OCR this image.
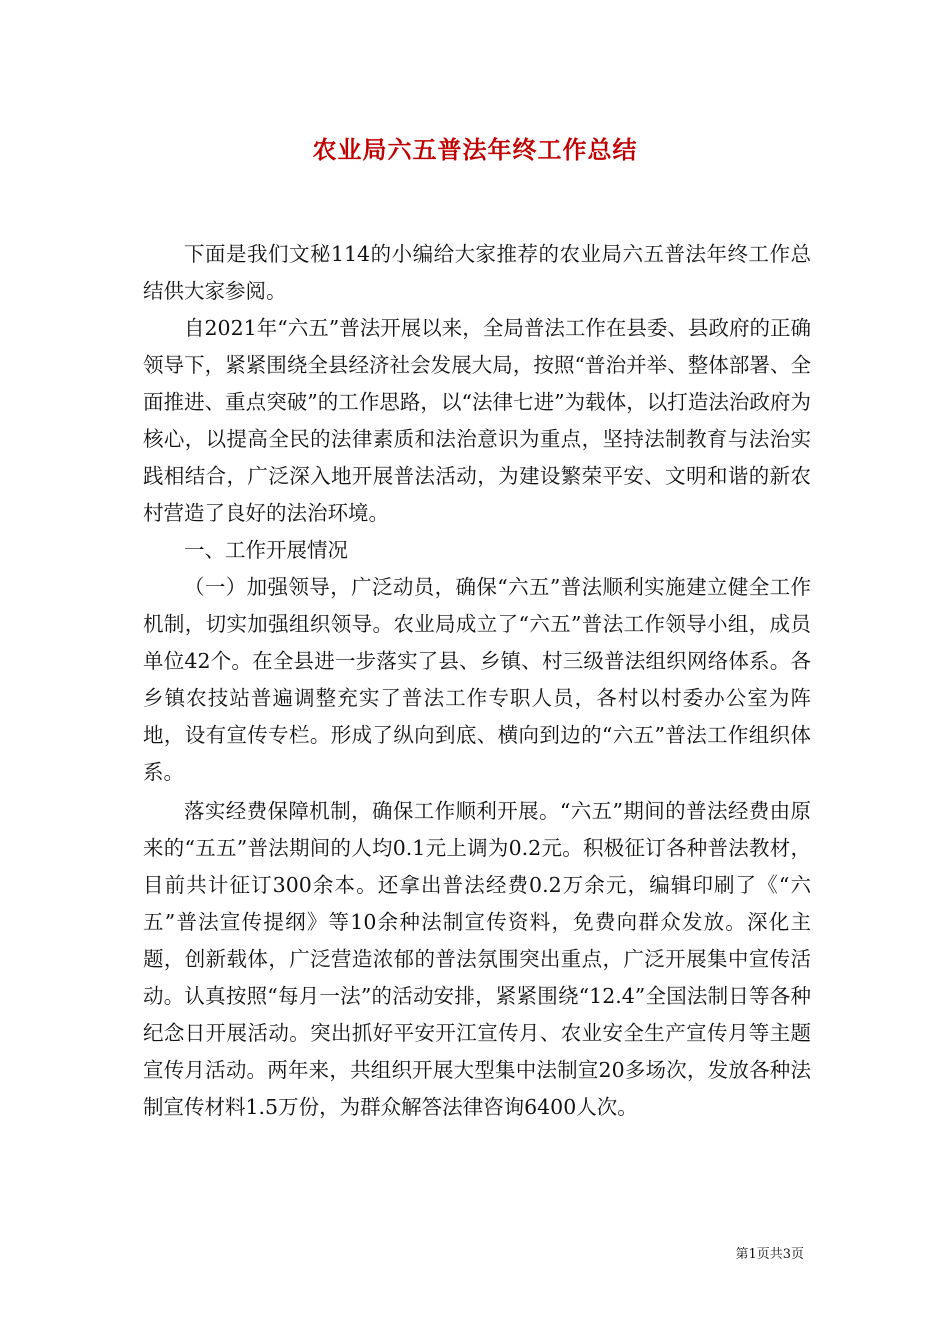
农业局六五普法年终工作总结

下面是我们文秘114的小编给大家推荐的农业局六五普法年终工作总结供大家参阅。

自2021年“六五”普法开展以来，全局普法工作在县委、县政府的正确领导下，紧紧围绕全县经济社会发展大局，按照“普治并举、整体部署、全面推进、重点突破”的工作思路，以“法律七进”为载体，以打造法治政府为核心，以提高全民的法律素质和法治意识为重点，坚持法制教育与法治实践相结合，广泛深入地开展普法活动，为建设繁荣平安、文明和谐的新农村营造了良好的法治环境。

一、工作开展情况

（一）加强领导，广泛动员，确保“六五”普法顺利实施建立健全工作机制，切实加强组织领导。农业局成立了“六五”普法工作领导小组，成员单位42个。在全县进一步落实了县、乡镇、村三级普法组织网络体系。各乡镇农技站普遍调整充实了普法工作专职人员，各村以村委办公室为阵地，设有宣传专栏。形成了纵向到底、横向到边的“六五”普法工作组织体系。

落实经费保障机制，确保工作顺利开展。“六五”期间的普法经费由原来的“五五”普法期间的人均0.1元上调为0.2元。积极征订各种普法教材，目前共计征订300余本。还拿出普法经费0.2万余元，编辑印刷了《“六五”普法宣传提纲》等10余种法制宣传资料，免费向群众发放。深化主题，创新载体，广泛营造浓郁的普法氛围突出重点，广泛开展集中宣传活动。认真按照“每月一法”的活动安排，紧紧围绕“12.4”全国法制日等各种纪念日开展活动。突出抓好平安开江宣传月、农业安全生产宣传月等主题宣传月活动。两年来，共组织开展大型集中法制宣20多场次，发放各种法制宣传材料1.5万份，为群众解答法律咨询6400人次。

第1页共3页
